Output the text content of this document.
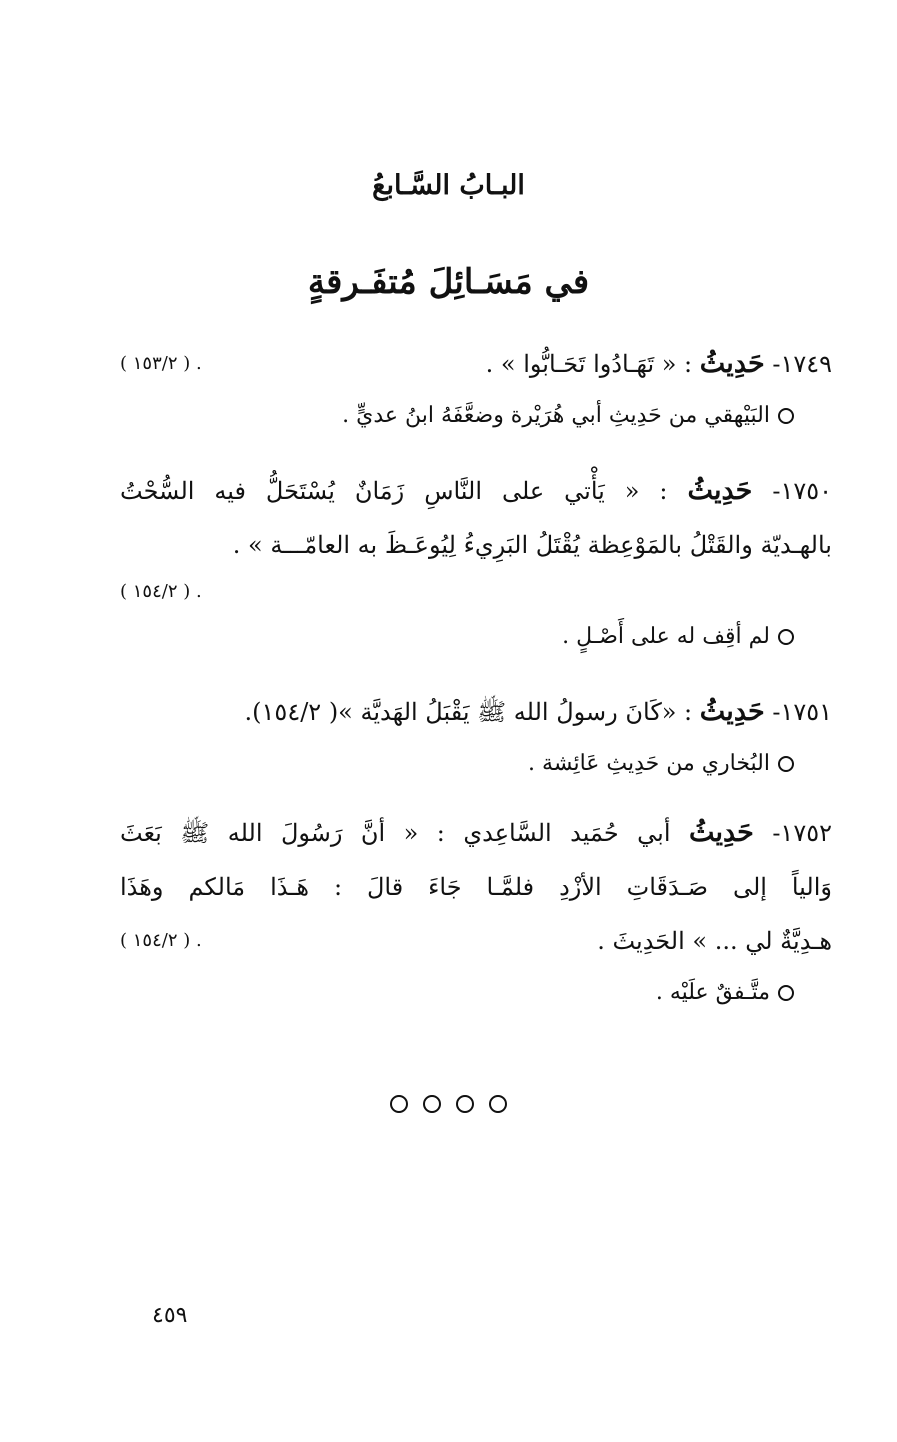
البـابُ السَّـابعُ
في مَسَـائِلَ مُتفَـرقةٍ
١٧٤٩- حَدِيثُ : « تَهَـادُوا تَحَـابُّوا » .
( ١٥٣/٢ ) .
البَيْهقي من حَدِيثِ أبي هُرَيْرة وضعَّفَهُ ابنُ عديٍّ .
١٧٥٠- حَدِيثُ : « يَأْتي على النَّاسِ زَمَانٌ يُسْتَحَلُّ فيه السُّحْتُ
بالهـديّة والقَتْلُ بالمَوْعِظة يُقْتَلُ البَرِيءُ لِيُوعَـظَ به العامّـــة » .
( ١٥٤/٢ ) .
لم أقِف له على أَصْـلٍ .
١٧٥١- حَدِيثُ : «كَانَ رسولُ الله ﷺ يَقْبَلُ الهَديَّة »( ١٥٤/٢).
البُخاري من حَدِيثِ عَائِشة .
١٧٥٢- حَدِيثُ أبي حُمَيد السَّاعِدي : « أنَّ رَسُولَ الله ﷺ بَعَثَ
وَالياً إلى صَـدَقَاتِ الأزْدِ فلمَّـا جَاءَ قالَ : هَـذَا مَالكم وهَذَا
هـدِيَّةٌ لي ... » الحَدِيثَ .
( ١٥٤/٢ ) .
متَّـفقٌ علَيْه .

٤٥٩
